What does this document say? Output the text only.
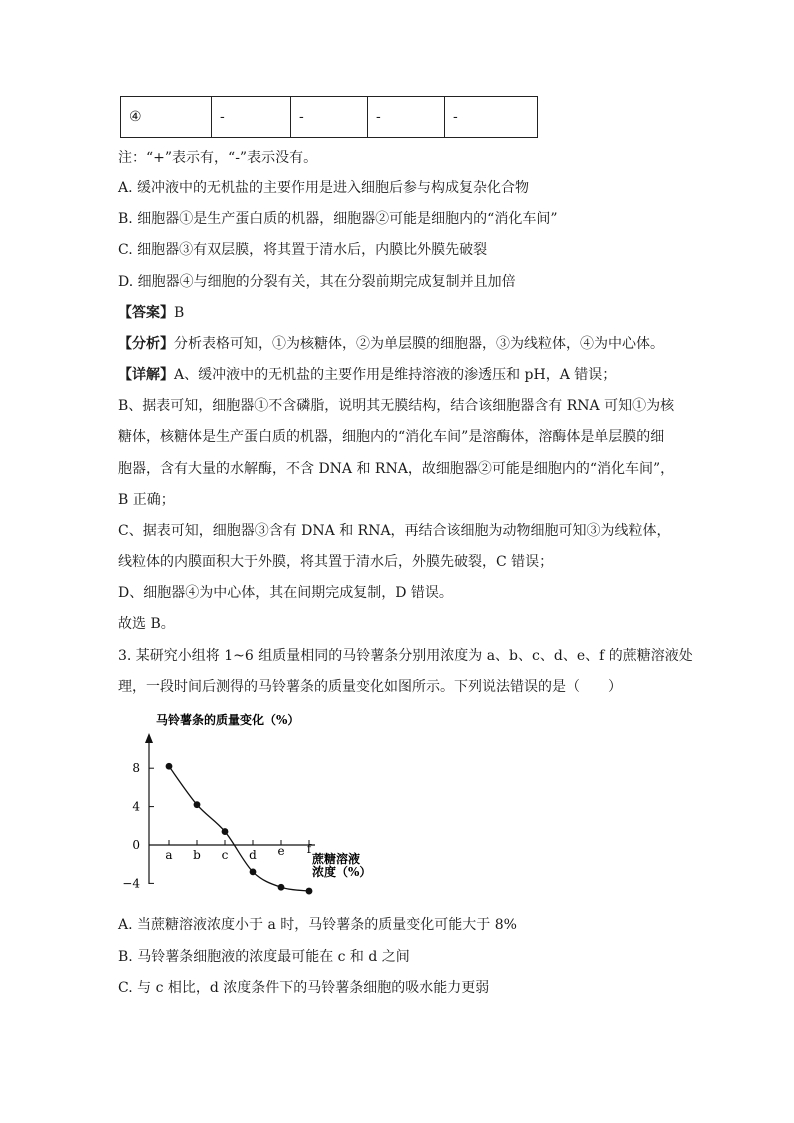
④	-	-	-	-
注：“+”表示有，“-”表示没有。
A. 缓冲液中的无机盐的主要作用是进入细胞后参与构成复杂化合物
B. 细胞器①是生产蛋白质的机器，细胞器②可能是细胞内的“消化车间”
C. 细胞器③有双层膜，将其置于清水后，内膜比外膜先破裂
D. 细胞器④与细胞的分裂有关，其在分裂前期完成复制并且加倍
【答案】B
【分析】分析表格可知，①为核糖体，②为单层膜的细胞器，③为线粒体，④为中心体。
【详解】A、缓冲液中的无机盐的主要作用是维持溶液的渗透压和 pH，A 错误；
B、据表可知，细胞器①不含磷脂，说明其无膜结构，结合该细胞器含有 RNA 可知①为核
糖体，核糖体是生产蛋白质的机器，细胞内的“消化车间”是溶酶体，溶酶体是单层膜的细
胞器，含有大量的水解酶，不含 DNA 和 RNA，故细胞器②可能是细胞内的“消化车间”，
B 正确；
C、据表可知，细胞器③含有 DNA 和 RNA，再结合该细胞为动物细胞可知③为线粒体，
线粒体的内膜面积大于外膜，将其置于清水后，外膜先破裂，C 错误；
D、细胞器④为中心体，其在间期完成复制，D 错误。
故选 B。
3. 某研究小组将 1~6 组质量相同的马铃薯条分别用浓度为 a、b、c、d、e、f 的蔗糖溶液处
理，一段时间后测得的马铃薯条的质量变化如图所示。下列说法错误的是（　　）
马铃薯条的质量变化（%）
8
4
0
−4
a b c d e f
蔗糖溶液
浓度（%）
A. 当蔗糖溶液浓度小于 a 时，马铃薯条的质量变化可能大于 8%
B. 马铃薯条细胞液的浓度最可能在 c 和 d 之间
C. 与 c 相比，d 浓度条件下的马铃薯条细胞的吸水能力更弱
